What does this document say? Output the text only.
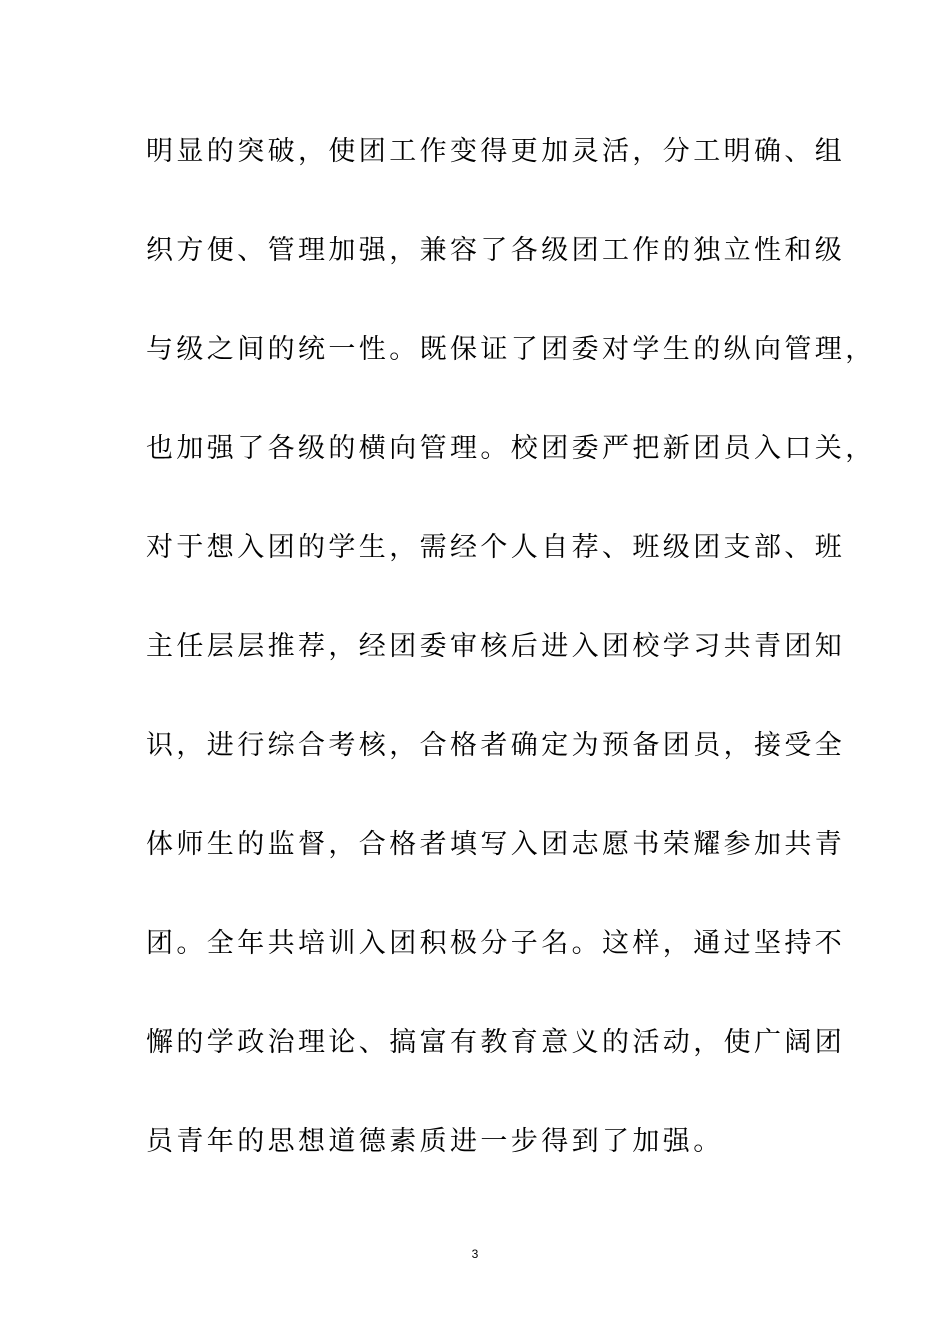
明显的突破，使团工作变得更加灵活，分工明确、组
织方便、管理加强，兼容了各级团工作的独立性和级
与级之间的统一性。既保证了团委对学生的纵向管理，
也加强了各级的横向管理。校团委严把新团员入口关，
对于想入团的学生，需经个人自荐、班级团支部、班
主任层层推荐，经团委审核后进入团校学习共青团知
识，进行综合考核，合格者确定为预备团员，接受全
体师生的监督，合格者填写入团志愿书荣耀参加共青
团。全年共培训入团积极分子名。这样，通过坚持不
懈的学政治理论、搞富有教育意义的活动，使广阔团
员青年的思想道德素质进一步得到了加强。
3
